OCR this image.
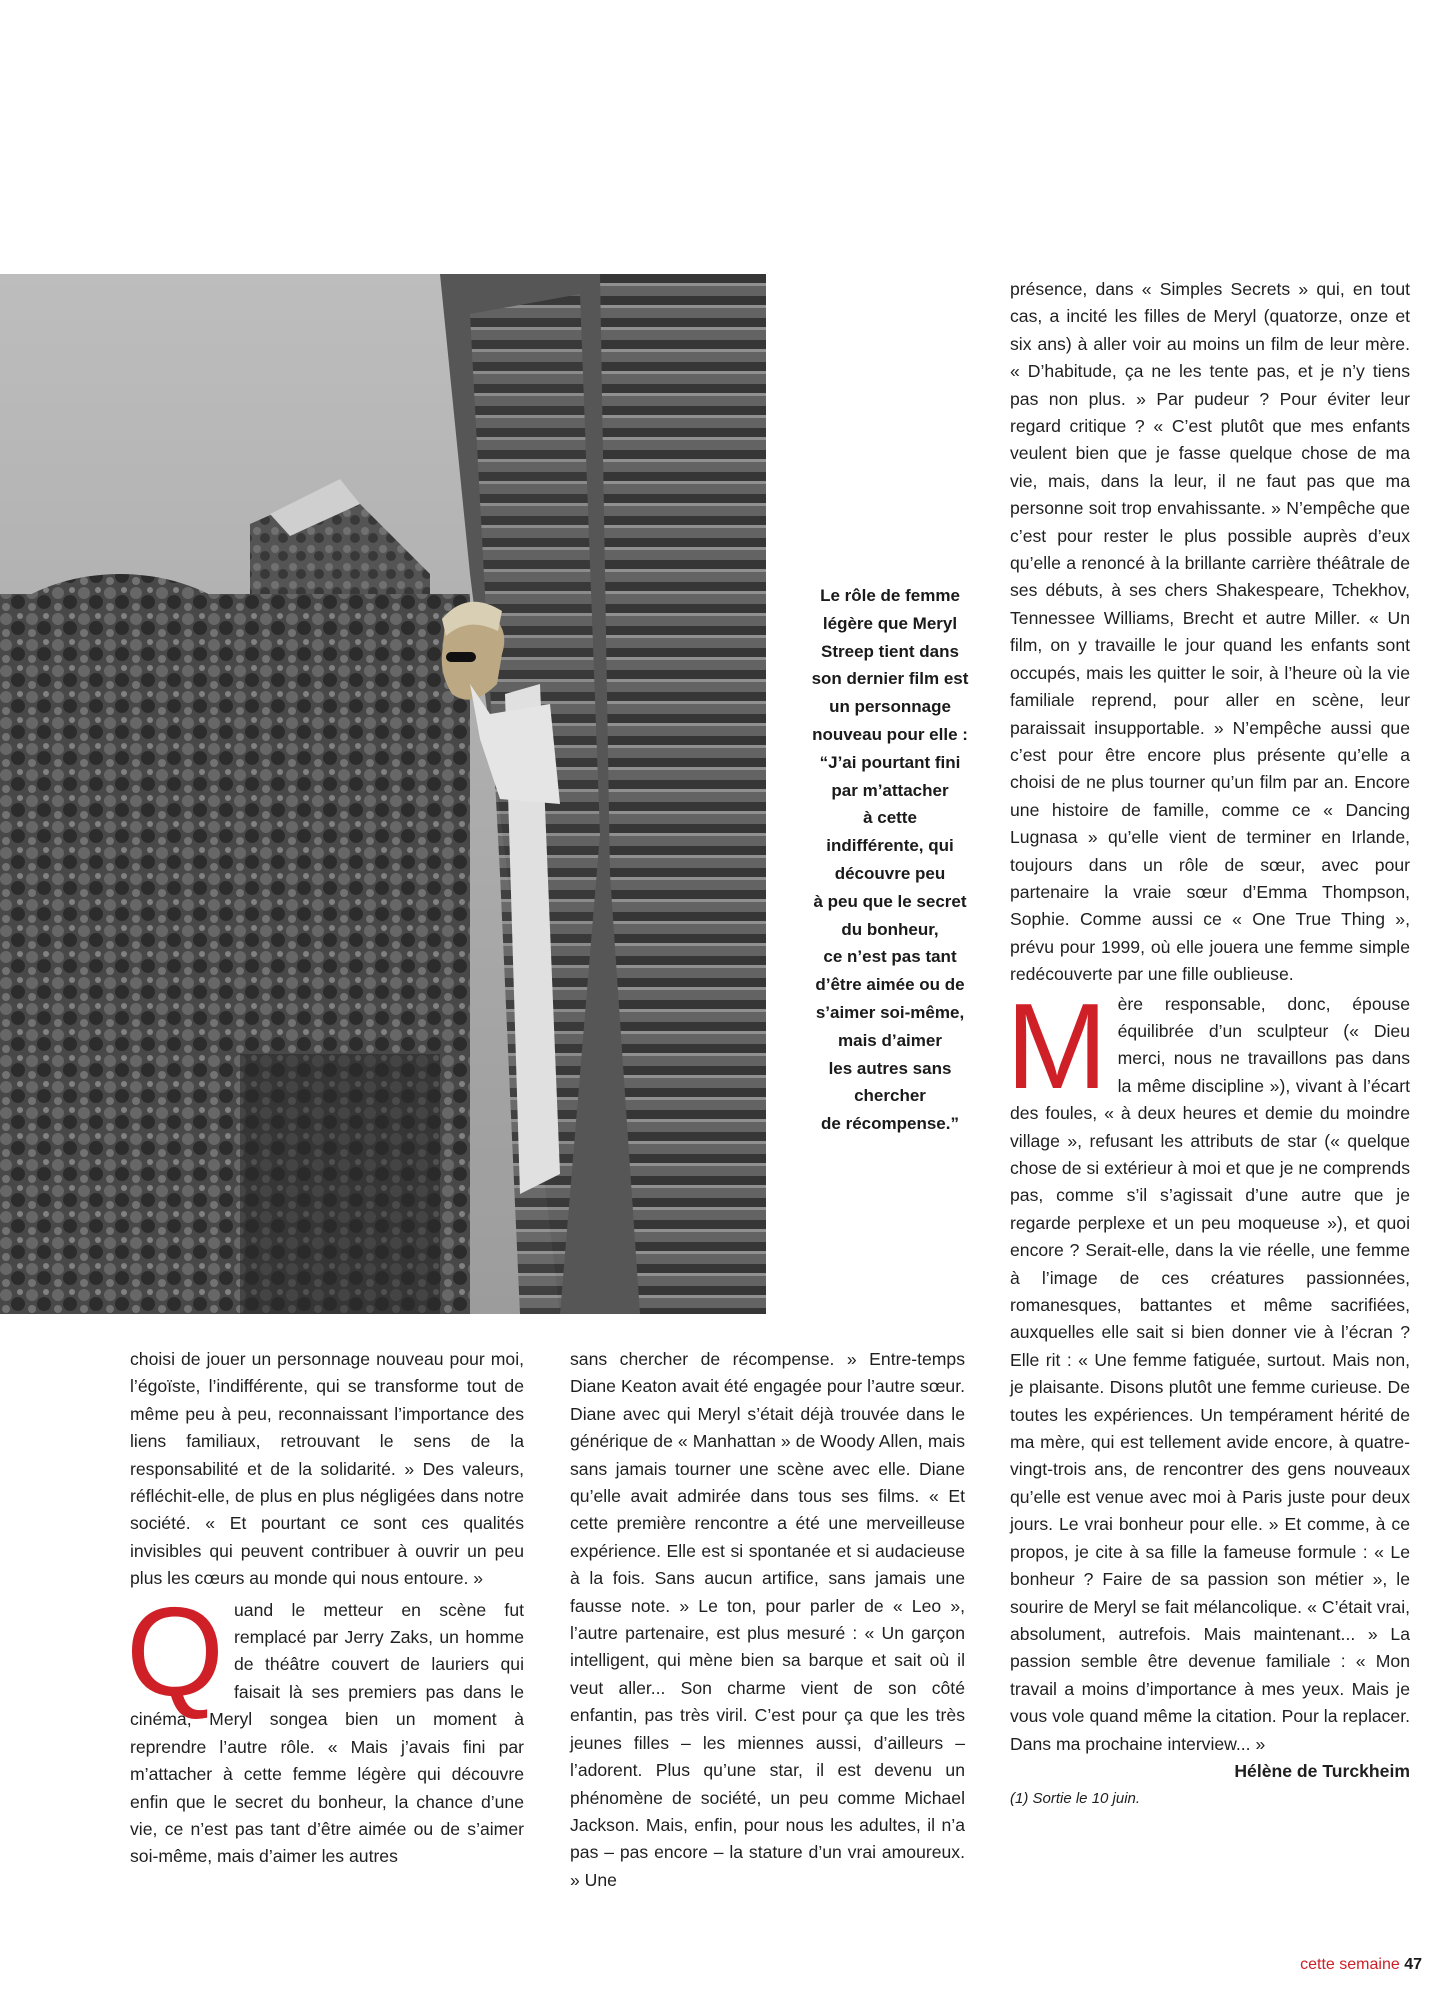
Le rôle de femme
légère que Meryl
Streep tient dans
son dernier film est
un personnage
nouveau pour elle :
“J’ai pourtant fini
par m’attacher
à cette
indifférente, qui
découvre peu
à peu que le secret
du bonheur,
ce n’est pas tant
d’être aimée ou de
s’aimer soi-même,
mais d’aimer
les autres sans
chercher
de récompense.”

choisi de jouer un personnage nouveau pour moi, l’égoïste, l’indifférente, qui se transforme tout de même peu à peu, reconnaissant l’importance des liens familiaux, retrouvant le sens de la responsabilité et de la solidarité. » Des valeurs, réfléchit-elle, de plus en plus négligées dans notre société. « Et pourtant ce sont ces qualités invisibles qui peuvent contribuer à ouvrir un peu plus les cœurs au monde qui nous entoure. »

Quand le metteur en scène fut remplacé par Jerry Zaks, un homme de théâtre couvert de lauriers qui faisait là ses premiers pas dans le cinéma, Meryl songea bien un moment à reprendre l’autre rôle. « Mais j’avais fini par m’attacher à cette femme légère qui découvre enfin que le secret du bonheur, la chance d’une vie, ce n’est pas tant d’être aimée ou de s’aimer soi-même, mais d’aimer les autres

sans chercher de récompense. » Entre-temps Diane Keaton avait été engagée pour l’autre sœur. Diane avec qui Meryl s’était déjà trouvée dans le générique de « Manhattan » de Woody Allen, mais sans jamais tourner une scène avec elle. Diane qu’elle avait admirée dans tous ses films. « Et cette première rencontre a été une merveilleuse expérience. Elle est si spontanée et si audacieuse à la fois. Sans aucun artifice, sans jamais une fausse note. » Le ton, pour parler de « Leo », l’autre partenaire, est plus mesuré : « Un garçon intelligent, qui mène bien sa barque et sait où il veut aller... Son charme vient de son côté enfantin, pas très viril. C’est pour ça que les très jeunes filles – les miennes aussi, d’ailleurs – l’adorent. Plus qu’une star, il est devenu un phénomène de société, un peu comme Michael Jackson. Mais, enfin, pour nous les adultes, il n’a pas – pas encore – la stature d’un vrai amoureux. » Une

présence, dans « Simples Secrets » qui, en tout cas, a incité les filles de Meryl (quatorze, onze et six ans) à aller voir au moins un film de leur mère. « D’habitude, ça ne les tente pas, et je n’y tiens pas non plus. » Par pudeur ? Pour éviter leur regard critique ? « C’est plutôt que mes enfants veulent bien que je fasse quelque chose de ma vie, mais, dans la leur, il ne faut pas que ma personne soit trop envahissante. » N’empêche que c’est pour rester le plus possible auprès d’eux qu’elle a renoncé à la brillante carrière théâtrale de ses débuts, à ses chers Shakespeare, Tchekhov, Tennessee Williams, Brecht et autre Miller. « Un film, on y travaille le jour quand les enfants sont occupés, mais les quitter le soir, à l’heure où la vie familiale reprend, pour aller en scène, leur paraissait insupportable. » N’empêche aussi que c’est pour être encore plus présente qu’elle a choisi de ne plus tourner qu’un film par an. Encore une histoire de famille, comme ce « Dancing Lugnasa » qu’elle vient de terminer en Irlande, toujours dans un rôle de sœur, avec pour partenaire la vraie sœur d’Emma Thompson, Sophie. Comme aussi ce « One True Thing », prévu pour 1999, où elle jouera une femme simple redécouverte par une fille oublieuse.

Mère responsable, donc, épouse équilibrée d’un sculpteur (« Dieu merci, nous ne travaillons pas dans la même discipline »), vivant à l’écart des foules, « à deux heures et demie du moindre village », refusant les attributs de star (« quelque chose de si extérieur à moi et que je ne comprends pas, comme s’il s’agissait d’une autre que je regarde perplexe et un peu moqueuse »), et quoi encore ? Serait-elle, dans la vie réelle, une femme à l’image de ces créatures passionnées, romanesques, battantes et même sacrifiées, auxquelles elle sait si bien donner vie à l’écran ? Elle rit : « Une femme fatiguée, surtout. Mais non, je plaisante. Disons plutôt une femme curieuse. De toutes les expériences. Un tempérament hérité de ma mère, qui est tellement avide encore, à quatre-vingt-trois ans, de rencontrer des gens nouveaux qu’elle est venue avec moi à Paris juste pour deux jours. Le vrai bonheur pour elle. » Et comme, à ce propos, je cite à sa fille la fameuse formule : « Le bonheur ? Faire de sa passion son métier », le sourire de Meryl se fait mélancolique. « C’était vrai, absolument, autrefois. Mais maintenant... » La passion semble être devenue familiale : « Mon travail a moins d’importance à mes yeux. Mais je vous vole quand même la citation. Pour la replacer. Dans ma prochaine interview... »

Hélène de Turckheim

(1) Sortie le 10 juin.

cette semaine 47
